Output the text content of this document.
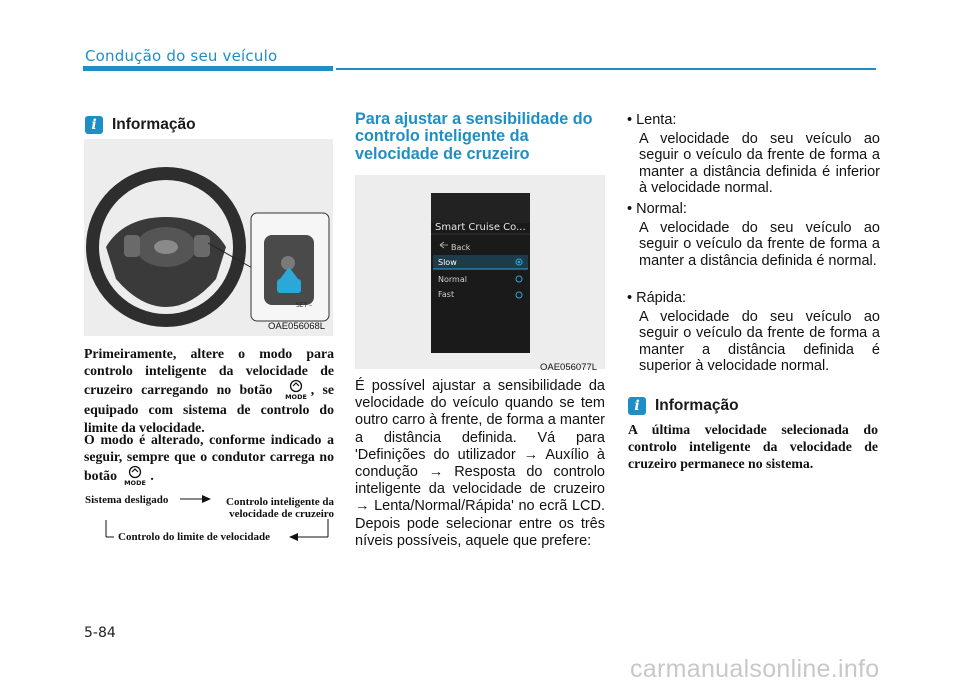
Condução do seu veículo
i Informação
SET –
OAE056068L
Primeiramente, altere o modo para controlo inteligente da velocidade de cruzeiro carregando no botão MODE , se equipado com sistema de controlo do limite da velocidade.
O modo é alterado, conforme indicado a seguir, sempre que o condutor carrega no botão MODE .
Sistema desligado	Controlo inteligente da
velocidade de cruzeiro
Controlo do limite de velocidade
Para ajustar a sensibilidade do controlo inteligente da velocidade de cruzeiro
Smart Cruise Co...
Back
Slow
Normal
Fast
OAE056077L
É possível ajustar a sensibilidade da velocidade do veículo quando se tem outro carro à frente, de forma a manter a distância definida. Vá para 'Definições do utilizador → Auxílio à condução → Resposta do controlo inteligente da velocidade de cruzeiro → Lenta/Normal/Rápida' no ecrã LCD. Depois pode selecionar entre os três níveis possíveis, aquele que prefere:
• Lenta:
A velocidade do seu veículo ao seguir o veículo da frente de forma a manter a distância definida é inferior à velocidade normal.
• Normal:
A velocidade do seu veículo ao seguir o veículo da frente de forma a manter a distância definida é normal.
• Rápida:
A velocidade do seu veículo ao seguir o veículo da frente de forma a manter a distância definida é superior à velocidade normal.
i Informação
A última velocidade selecionada do controlo inteligente da velocidade de cruzeiro permanece no sistema.
5-84
carmanualsonline.info
